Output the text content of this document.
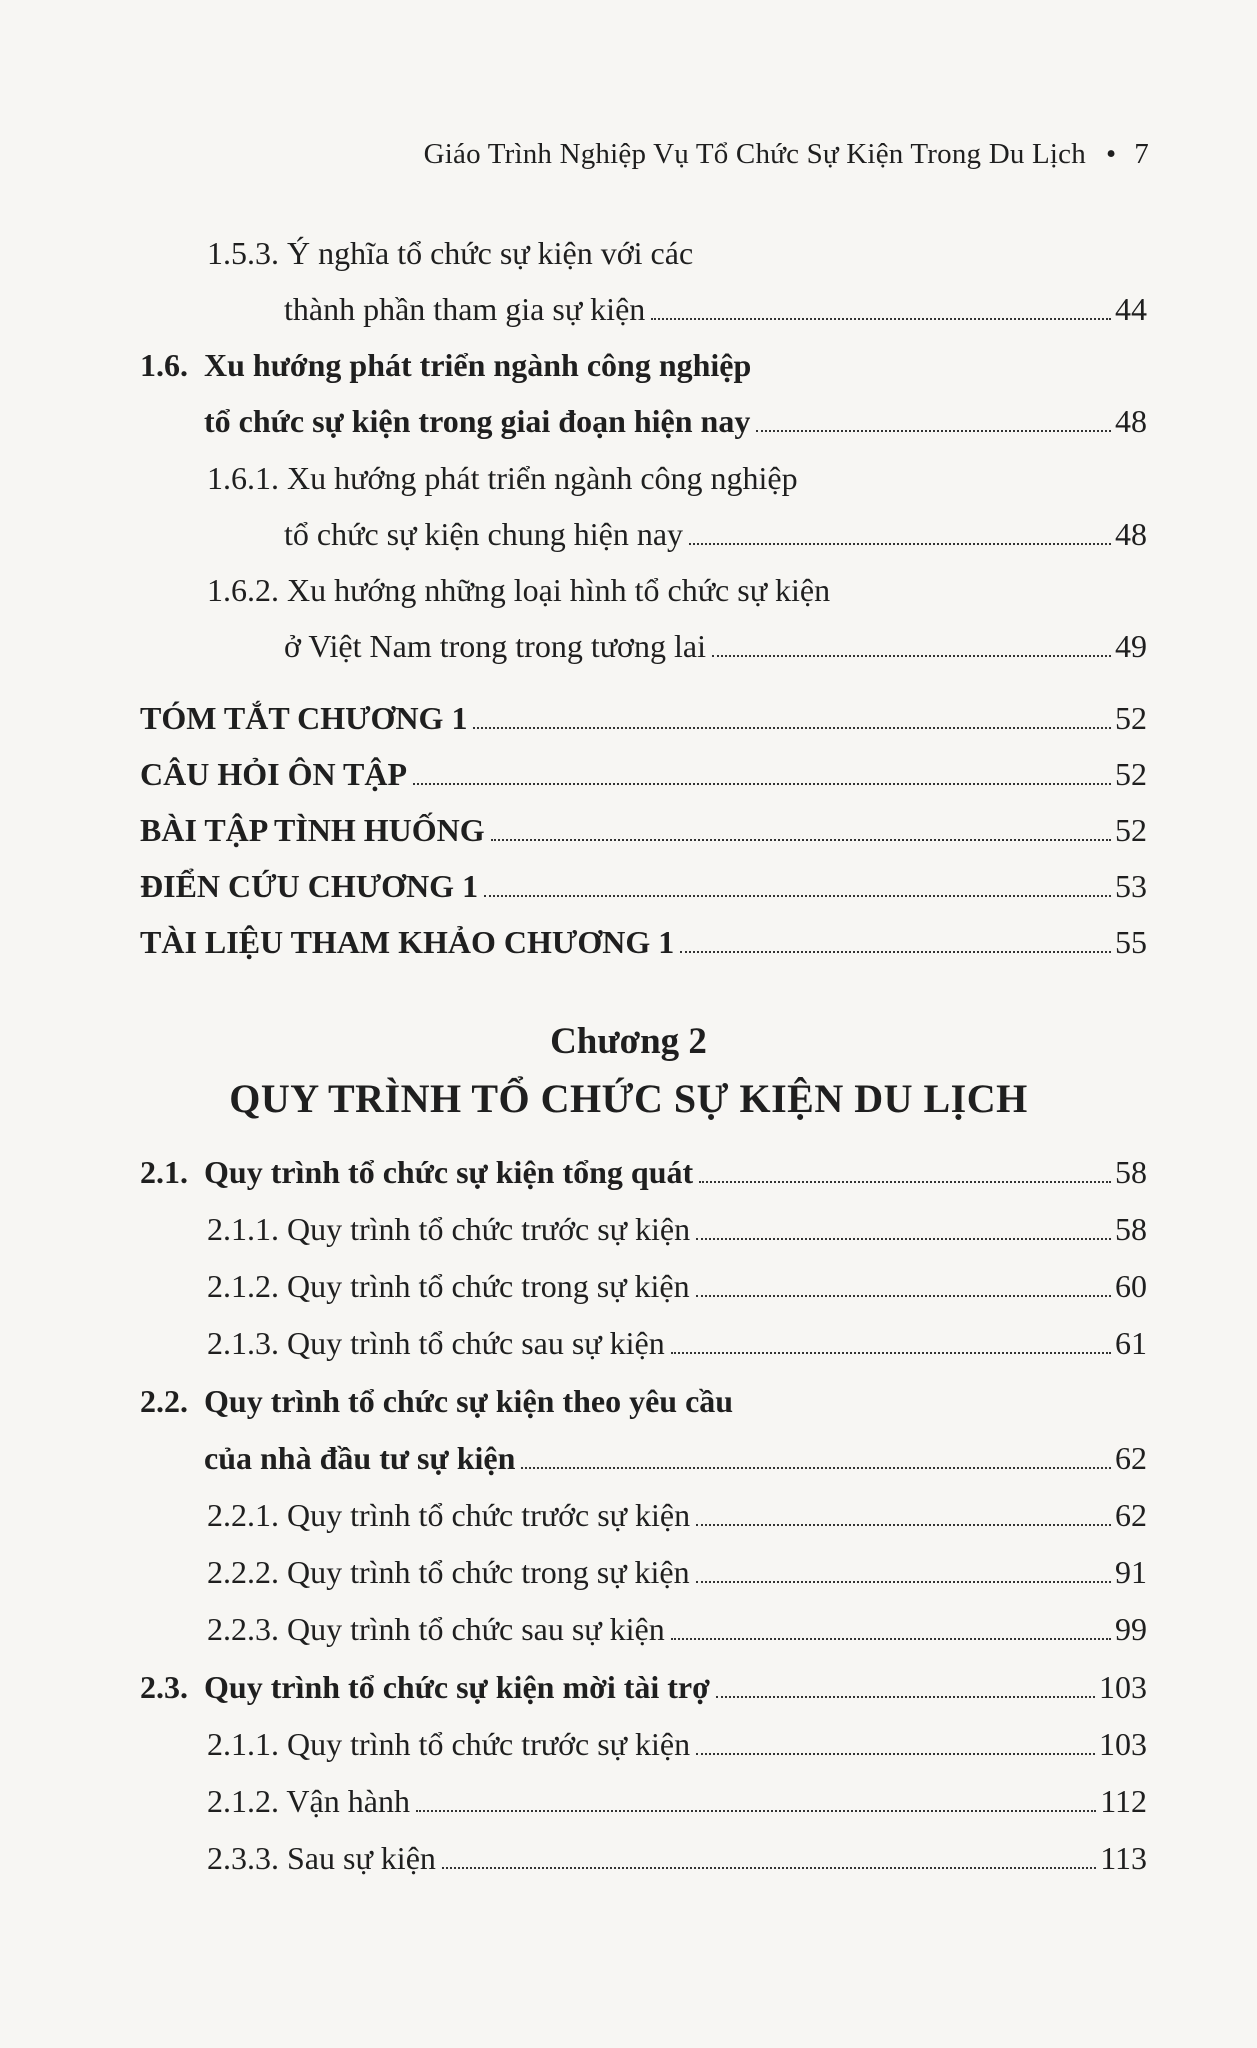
Giáo Trình Nghiệp Vụ Tổ Chức Sự Kiện Trong Du Lịch • 7
1.5.3. Ý nghĩa tổ chức sự kiện với các
thành phần tham gia sự kiện	44
1.6. Xu hướng phát triển ngành công nghiệp
tổ chức sự kiện trong giai đoạn hiện nay	48
1.6.1. Xu hướng phát triển ngành công nghiệp
tổ chức sự kiện chung hiện nay	48
1.6.2. Xu hướng những loại hình tổ chức sự kiện
ở Việt Nam trong trong tương lai	49
TÓM TẮT CHƯƠNG 1	52
CÂU HỎI ÔN TẬP	52
BÀI TẬP TÌNH HUỐNG	52
ĐIỂN CỨU CHƯƠNG 1	53
TÀI LIỆU THAM KHẢO CHƯƠNG 1	55
Chương 2
QUY TRÌNH TỔ CHỨC SỰ KIỆN DU LỊCH
2.1. Quy trình tổ chức sự kiện tổng quát	58
2.1.1. Quy trình tổ chức trước sự kiện	58
2.1.2. Quy trình tổ chức trong sự kiện	60
2.1.3. Quy trình tổ chức sau sự kiện	61
2.2. Quy trình tổ chức sự kiện theo yêu cầu
của nhà đầu tư sự kiện	62
2.2.1. Quy trình tổ chức trước sự kiện	62
2.2.2. Quy trình tổ chức trong sự kiện	91
2.2.3. Quy trình tổ chức sau sự kiện	99
2.3. Quy trình tổ chức sự kiện mời tài trợ	103
2.1.1. Quy trình tổ chức trước sự kiện	103
2.1.2. Vận hành	112
2.3.3. Sau sự kiện	113
